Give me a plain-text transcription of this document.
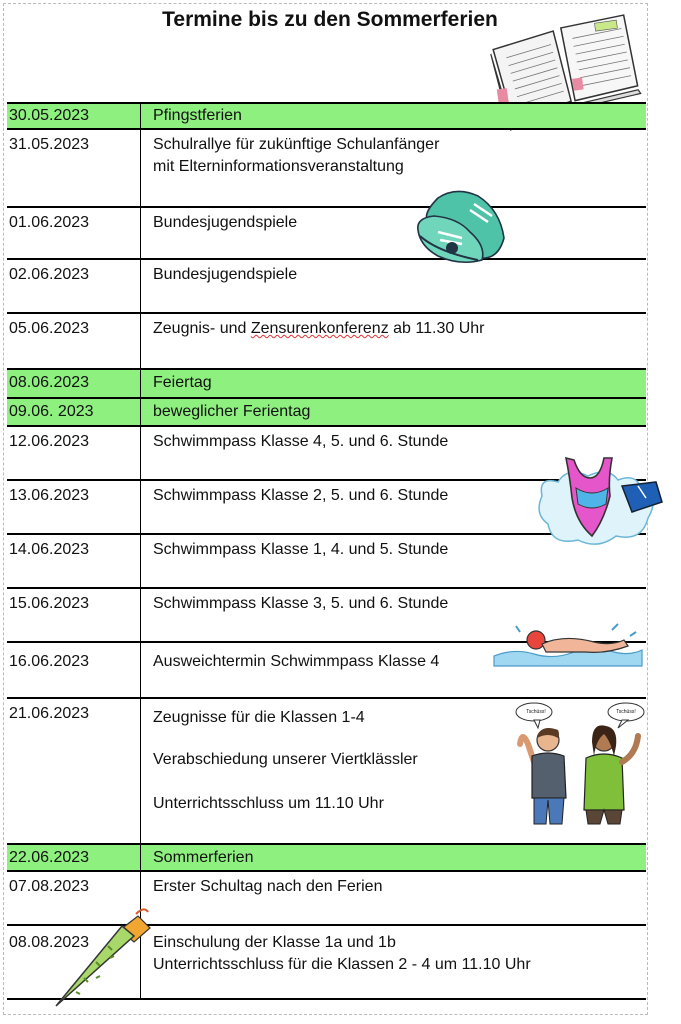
Termine bis zu den Sommerferien
30.05.2023	Pfingstferien
31.05.2023	Schulrallye für zukünftige Schulanfänger
mit Elterninformationsveranstaltung
01.06.2023	Bundesjugendspiele
02.06.2023	Bundesjugendspiele
05.06.2023	Zeugnis- und Zensurenkonferenz ab 11.30 Uhr
08.06.2023	Feiertag
09.06. 2023	beweglicher Ferientag
12.06.2023	Schwimmpass Klasse 4, 5. und 6. Stunde
13.06.2023	Schwimmpass Klasse 2, 5. und 6. Stunde
14.06.2023	Schwimmpass Klasse 1, 4. und 5. Stunde
15.06.2023	Schwimmpass Klasse 3, 5. und 6. Stunde
16.06.2023	Ausweichtermin Schwimmpass Klasse 4
21.06.2023	Zeugnisse für die Klassen 1-4
Verabschiedung unserer Viertklässler
Unterrichtsschluss um 11.10 Uhr
22.06.2023	Sommerferien
07.08.2023	Erster Schultag nach den Ferien
08.08.2023	Einschulung der Klasse 1a und 1b
Unterrichtsschluss für die Klassen 2 - 4 um 11.10 Uhr
Tschüss!	Tschüss!
